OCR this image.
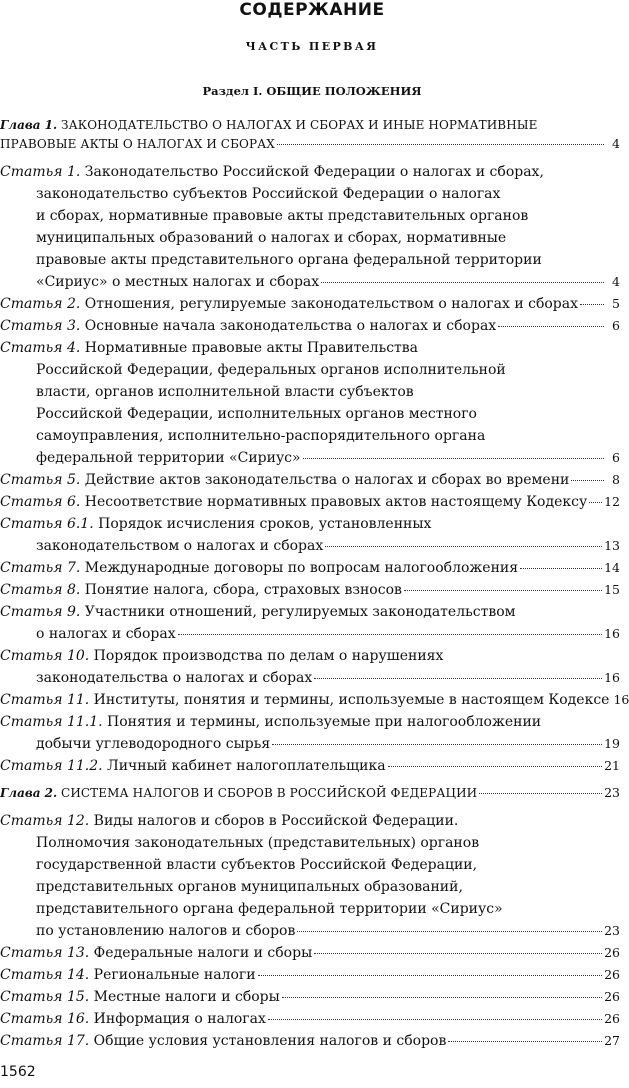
СОДЕРЖАНИЕ
ЧАСТЬ ПЕРВАЯ
Раздел I. ОБЩИЕ ПОЛОЖЕНИЯ
Глава 1. ЗАКОНОДАТЕЛЬСТВО О НАЛОГАХ И СБОРАХ И ИНЫЕ НОРМАТИВНЫЕ
ПРАВОВЫЕ АКТЫ О НАЛОГАХ И СБОРАХ	4
Статья 1. Законодательство Российской Федерации о налогах и сборах,
законодательство субъектов Российской Федерации о налогах
и сборах, нормативные правовые акты представительных органов
муниципальных образований о налогах и сборах, нормативные
правовые акты представительного органа федеральной территории
«Сириус» о местных налогах и сборах	4
Статья 2. Отношения, регулируемые законодательством о налогах и сборах	5
Статья 3. Основные начала законодательства о налогах и сборах	6
Статья 4. Нормативные правовые акты Правительства
Российской Федерации, федеральных органов исполнительной
власти, органов исполнительной власти субъектов
Российской Федерации, исполнительных органов местного
самоуправления, исполнительно-распорядительного органа
федеральной территории «Сириус»	6
Статья 5. Действие актов законодательства о налогах и сборах во времени	8
Статья 6. Несоответствие нормативных правовых актов настоящему Кодексу 12
Статья 6.1. Порядок исчисления сроков, установленных
законодательством о налогах и сборах	13
Статья 7. Международные договоры по вопросам налогообложения	14
Статья 8. Понятие налога, сбора, страховых взносов	15
Статья 9. Участники отношений, регулируемых законодательством
о налогах и сборах	16
Статья 10. Порядок производства по делам о нарушениях
законодательства о налогах и сборах	16
Статья 11. Институты, понятия и термины, используемые в настоящем Кодексе 16
Статья 11.1. Понятия и термины, используемые при налогообложении
добычи углеводородного сырья	19
Статья 11.2. Личный кабинет налогоплательщика	21
Глава 2. СИСТЕМА НАЛОГОВ И СБОРОВ В РОССИЙСКОЙ ФЕДЕРАЦИИ	23
Статья 12. Виды налогов и сборов в Российской Федерации.
Полномочия законодательных (представительных) органов
государственной власти субъектов Российской Федерации,
представительных органов муниципальных образований,
представительного органа федеральной территории «Сириус»
по установлению налогов и сборов	23
Статья 13. Федеральные налоги и сборы	26
Статья 14. Региональные налоги	26
Статья 15. Местные налоги и сборы	26
Статья 16. Информация о налогах	26
Статья 17. Общие условия установления налогов и сборов	27
1562
